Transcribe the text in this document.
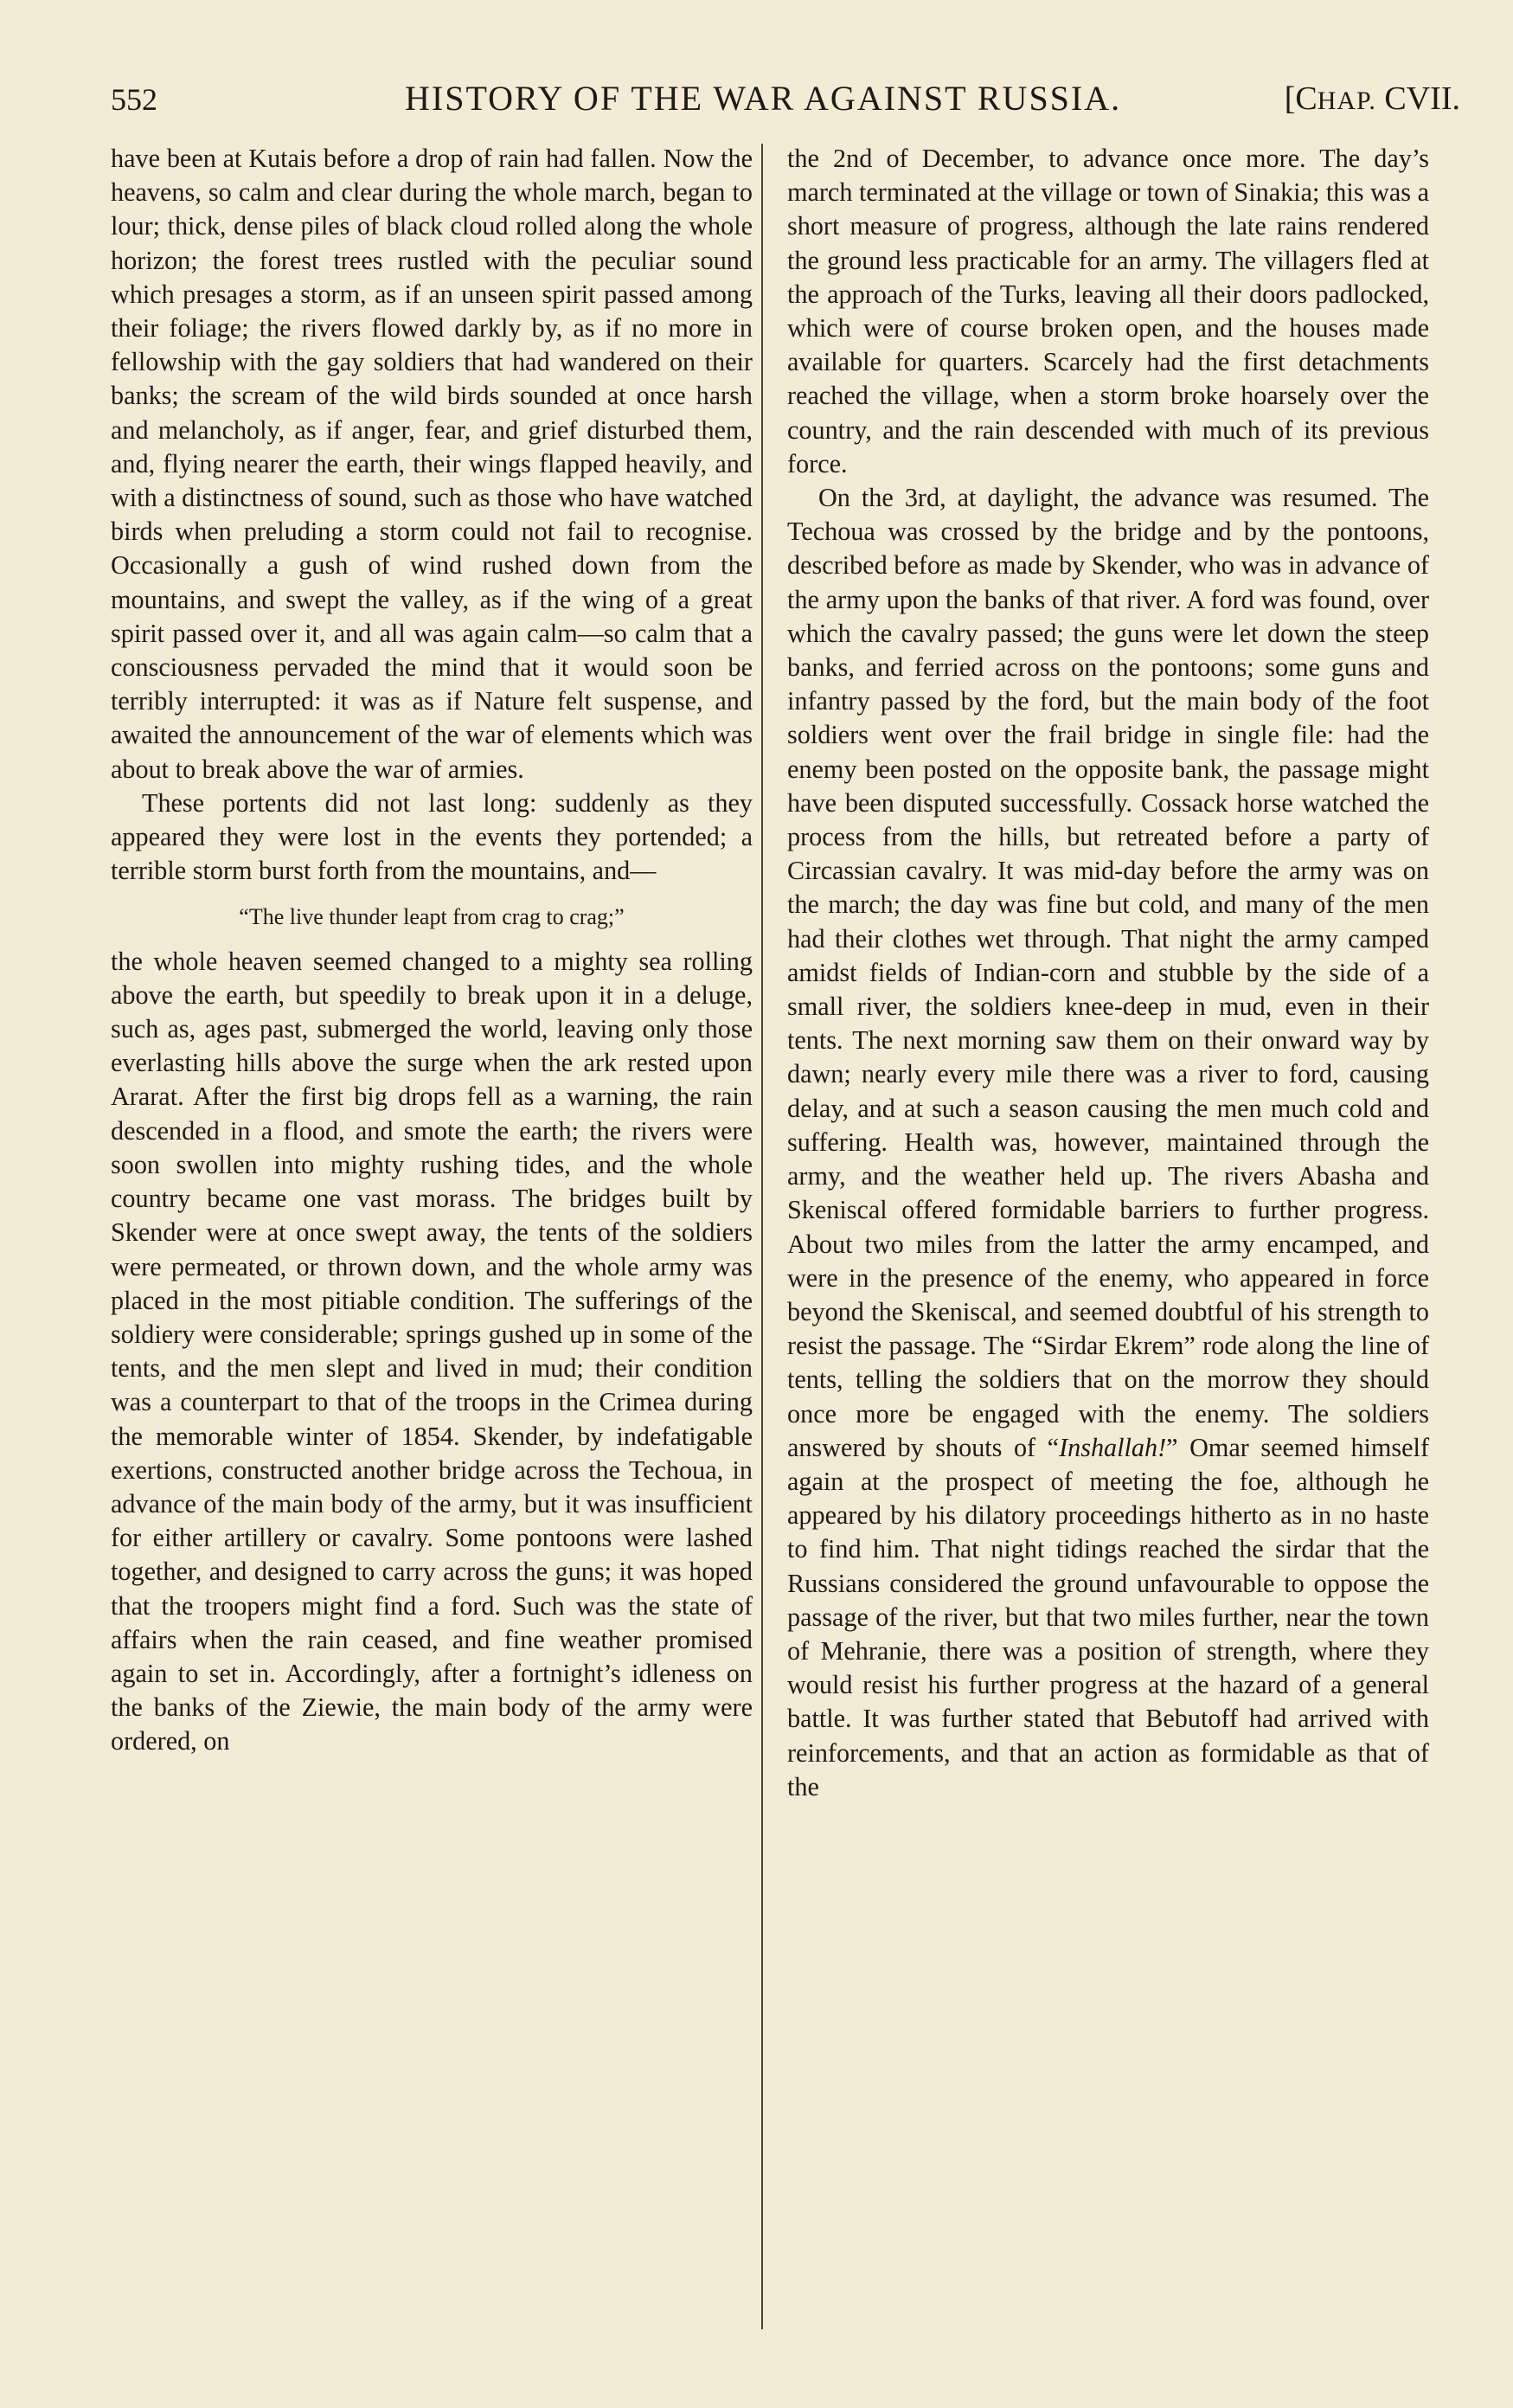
552	HISTORY OF THE WAR AGAINST RUSSIA.	[CHAP. CVII.

have been at Kutais before a drop of rain had fallen. Now the heavens, so calm and clear during the whole march, began to lour; thick, dense piles of black cloud rolled along the whole horizon; the forest trees rustled with the peculiar sound which presages a storm, as if an unseen spirit passed among their foliage; the rivers flowed darkly by, as if no more in fellowship with the gay soldiers that had wandered on their banks; the scream of the wild birds sounded at once harsh and melancholy, as if anger, fear, and grief disturbed them, and, flying nearer the earth, their wings flapped heavily, and with a distinctness of sound, such as those who have watched birds when preluding a storm could not fail to recognise. Occasionally a gush of wind rushed down from the mountains, and swept the valley, as if the wing of a great spirit passed over it, and all was again calm—so calm that a consciousness pervaded the mind that it would soon be terribly interrupted: it was as if Nature felt suspense, and awaited the announcement of the war of elements which was about to break above the war of armies.

These portents did not last long: suddenly as they appeared they were lost in the events they portended; a terrible storm burst forth from the mountains, and—

“The live thunder leapt from crag to crag;”

the whole heaven seemed changed to a mighty sea rolling above the earth, but speedily to break upon it in a deluge, such as, ages past, submerged the world, leaving only those everlasting hills above the surge when the ark rested upon Ararat. After the first big drops fell as a warning, the rain descended in a flood, and smote the earth; the rivers were soon swollen into mighty rushing tides, and the whole country became one vast morass. The bridges built by Skender were at once swept away, the tents of the soldiers were permeated, or thrown down, and the whole army was placed in the most pitiable condition. The sufferings of the soldiery were considerable; springs gushed up in some of the tents, and the men slept and lived in mud; their condition was a counterpart to that of the troops in the Crimea during the memorable winter of 1854. Skender, by indefatigable exertions, constructed another bridge across the Techoua, in advance of the main body of the army, but it was insufficient for either artillery or cavalry. Some pontoons were lashed together, and designed to carry across the guns; it was hoped that the troopers might find a ford. Such was the state of affairs when the rain ceased, and fine weather promised again to set in. Accordingly, after a fortnight’s idleness on the banks of the Ziewie, the main body of the army were ordered, on

the 2nd of December, to advance once more. The day’s march terminated at the village or town of Sinakia; this was a short measure of progress, although the late rains rendered the ground less practicable for an army. The villagers fled at the approach of the Turks, leaving all their doors padlocked, which were of course broken open, and the houses made available for quarters. Scarcely had the first detachments reached the village, when a storm broke hoarsely over the country, and the rain descended with much of its previous force.

On the 3rd, at daylight, the advance was resumed. The Techoua was crossed by the bridge and by the pontoons, described before as made by Skender, who was in advance of the army upon the banks of that river. A ford was found, over which the cavalry passed; the guns were let down the steep banks, and ferried across on the pontoons; some guns and infantry passed by the ford, but the main body of the foot soldiers went over the frail bridge in single file: had the enemy been posted on the opposite bank, the passage might have been disputed successfully. Cossack horse watched the process from the hills, but retreated before a party of Circassian cavalry. It was mid-day before the army was on the march; the day was fine but cold, and many of the men had their clothes wet through. That night the army camped amidst fields of Indian-corn and stubble by the side of a small river, the soldiers knee-deep in mud, even in their tents. The next morning saw them on their onward way by dawn; nearly every mile there was a river to ford, causing delay, and at such a season causing the men much cold and suffering. Health was, however, maintained through the army, and the weather held up. The rivers Abasha and Skeniscal offered formidable barriers to further progress. About two miles from the latter the army encamped, and were in the presence of the enemy, who appeared in force beyond the Skeniscal, and seemed doubtful of his strength to resist the passage. The “Sirdar Ekrem” rode along the line of tents, telling the soldiers that on the morrow they should once more be engaged with the enemy. The soldiers answered by shouts of “Inshallah!” Omar seemed himself again at the prospect of meeting the foe, although he appeared by his dilatory proceedings hitherto as in no haste to find him. That night tidings reached the sirdar that the Russians considered the ground unfavourable to oppose the passage of the river, but that two miles further, near the town of Mehranie, there was a position of strength, where they would resist his further progress at the hazard of a general battle. It was further stated that Bebutoff had arrived with reinforcements, and that an action as formidable as that of the
